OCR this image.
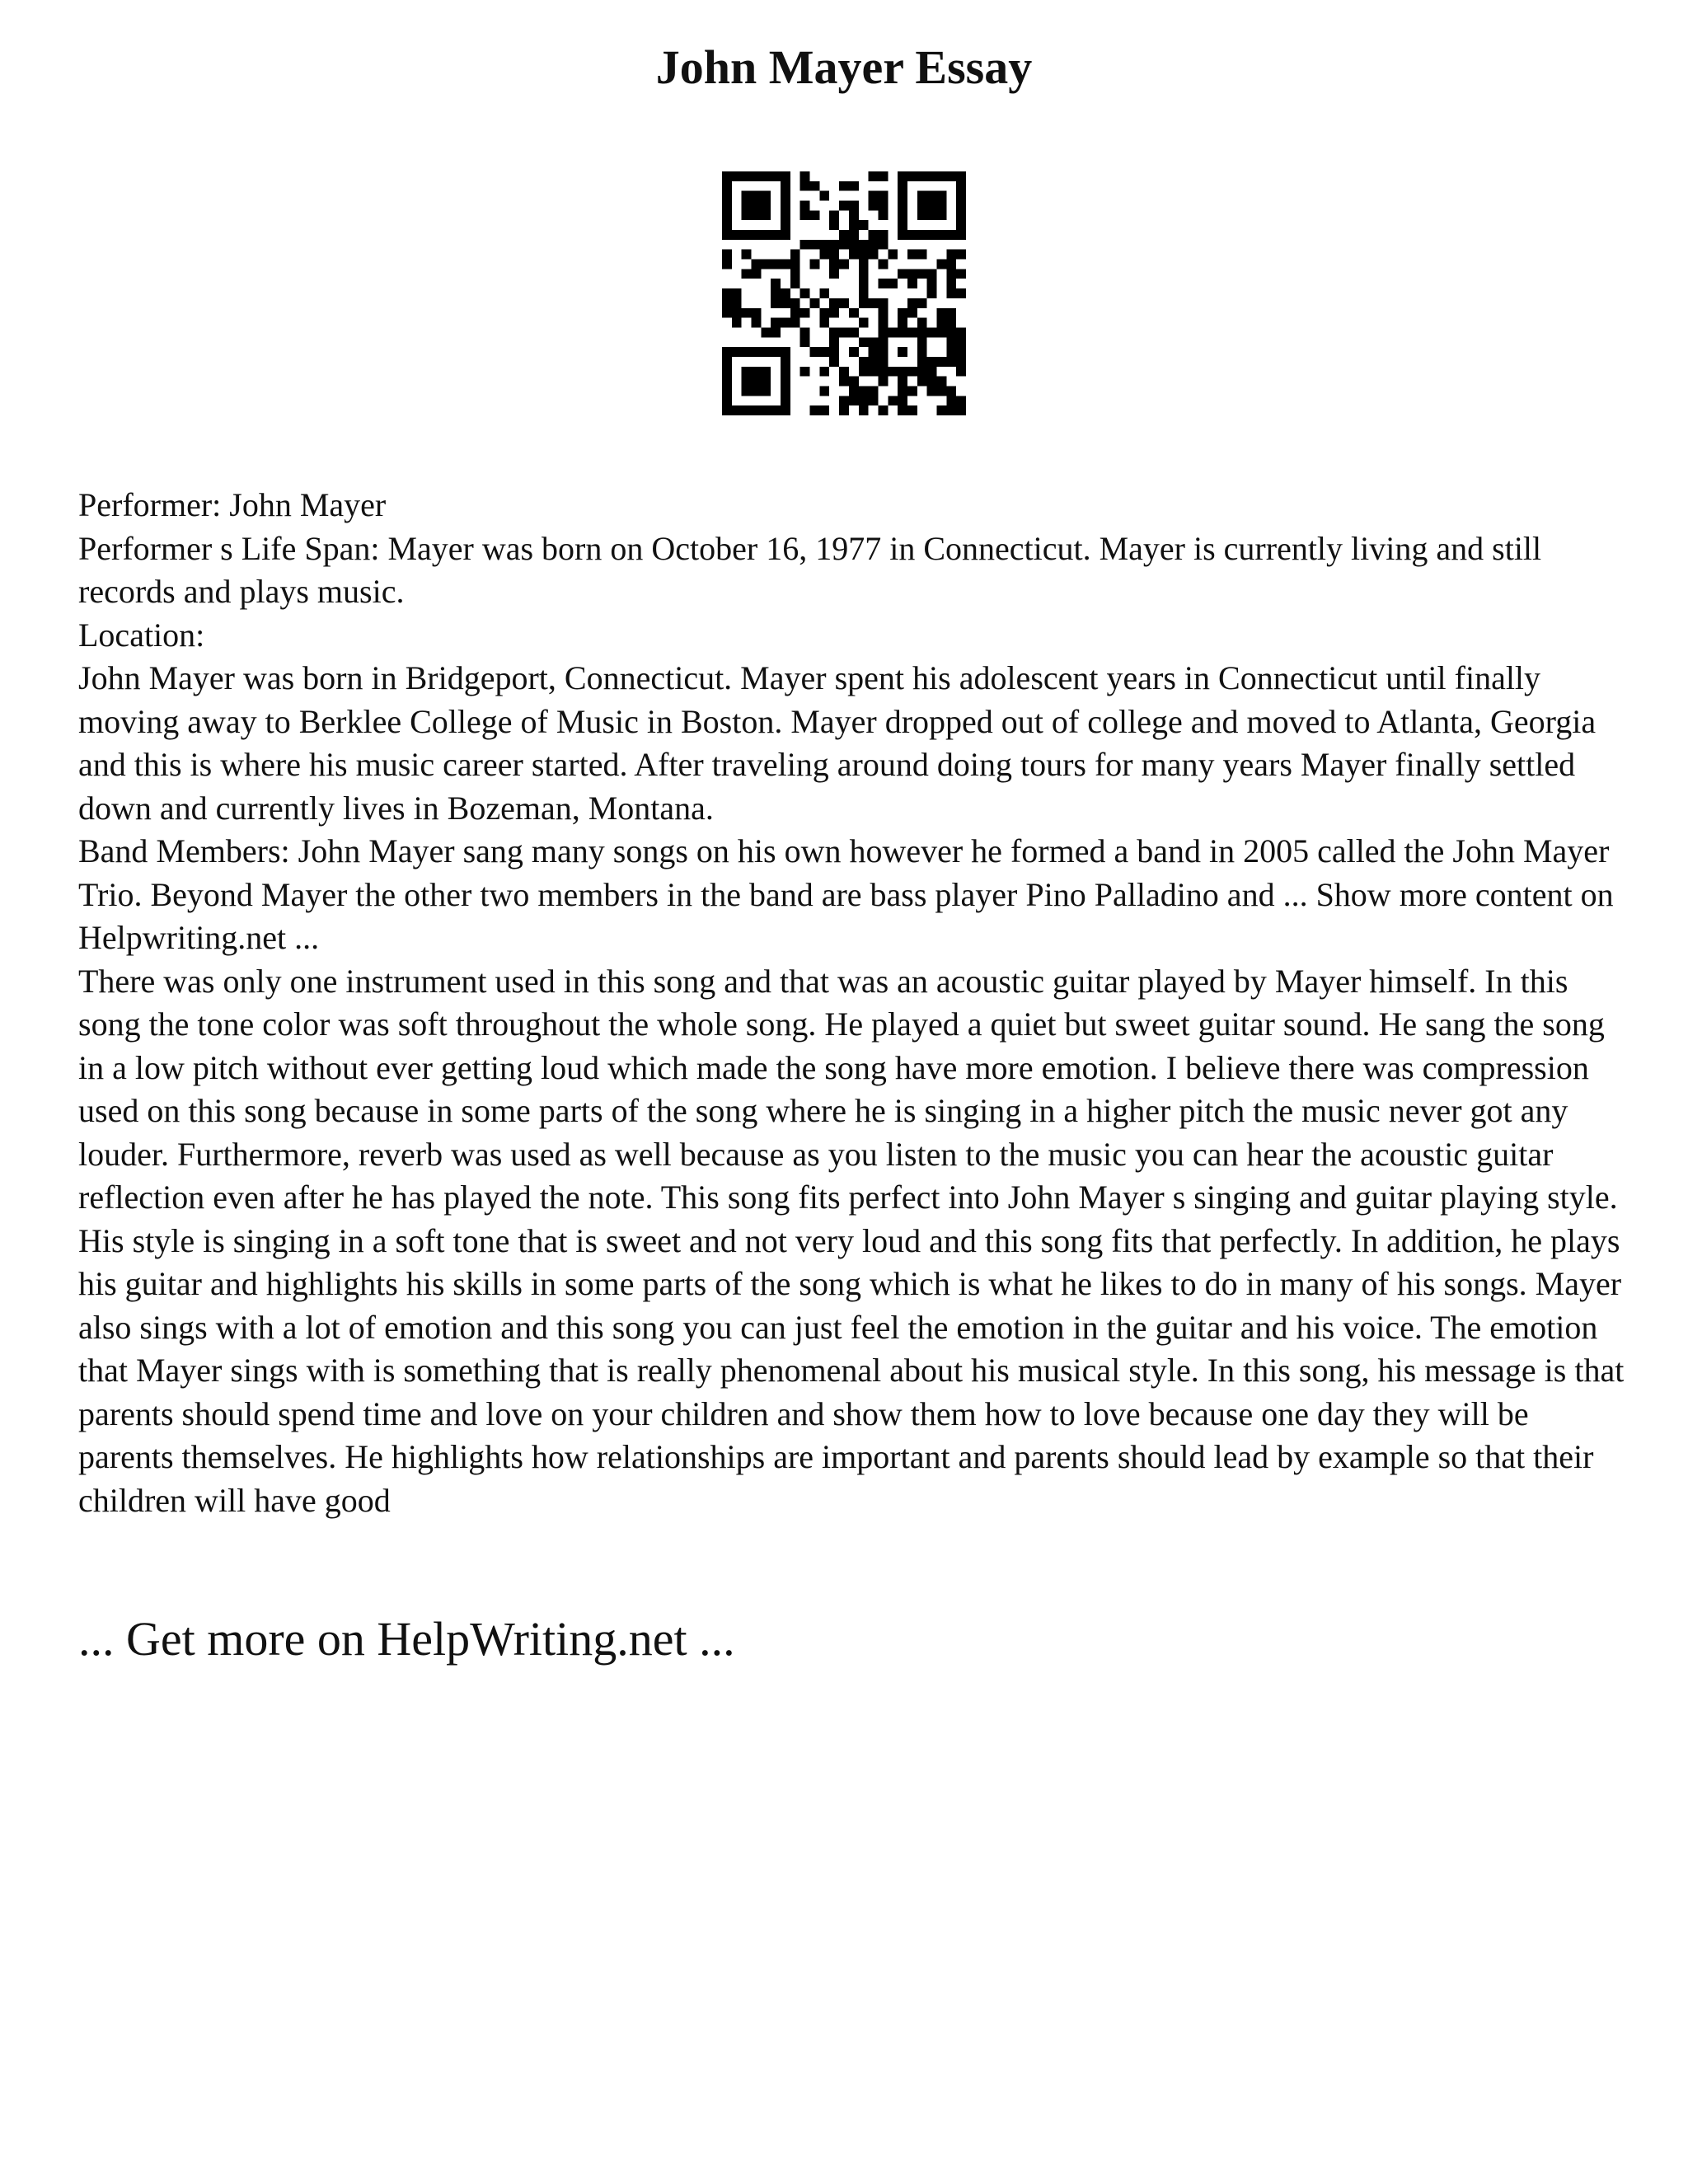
John Mayer Essay

Performer: John Mayer

Performer s Life Span: Mayer was born on October 16, 1977 in Connecticut. Mayer is currently living and still records and plays music.

Location:

John Mayer was born in Bridgeport, Connecticut. Mayer spent his adolescent years in Connecticut until finally moving away to Berklee College of Music in Boston. Mayer dropped out of college and moved to Atlanta, Georgia and this is where his music career started. After traveling around doing tours for many years Mayer finally settled down and currently lives in Bozeman, Montana.

Band Members: John Mayer sang many songs on his own however he formed a band in 2005 called the John Mayer Trio. Beyond Mayer the other two members in the band are bass player Pino Palladino and ... Show more content on Helpwriting.net ...

There was only one instrument used in this song and that was an acoustic guitar played by Mayer himself. In this song the tone color was soft throughout the whole song. He played a quiet but sweet guitar sound. He sang the song in a low pitch without ever getting loud which made the song have more emotion. I believe there was compression used on this song because in some parts of the song where he is singing in a higher pitch the music never got any louder. Furthermore, reverb was used as well because as you listen to the music you can hear the acoustic guitar reflection even after he has played the note. This song fits perfect into John Mayer s singing and guitar playing style. His style is singing in a soft tone that is sweet and not very loud and this song fits that perfectly. In addition, he plays his guitar and highlights his skills in some parts of the song which is what he likes to do in many of his songs. Mayer also sings with a lot of emotion and this song you can just feel the emotion in the guitar and his voice. The emotion that Mayer sings with is something that is really phenomenal about his musical style. In this song, his message is that parents should spend time and love on your children and show them how to love because one day they will be parents themselves. He highlights how relationships are important and parents should lead by example so that their children will have good

... Get more on HelpWriting.net ...
